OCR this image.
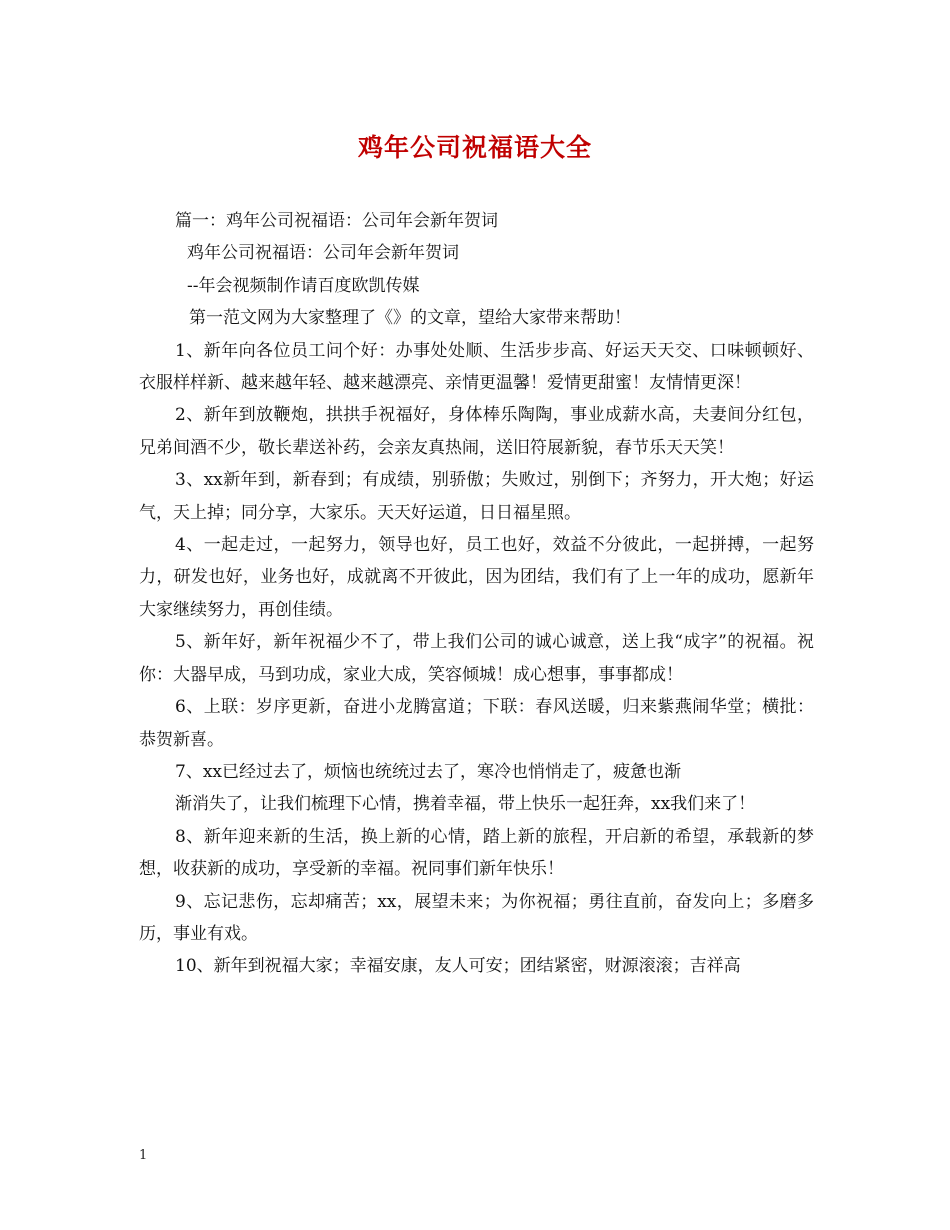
鸡年公司祝福语大全

篇一：鸡年公司祝福语：公司年会新年贺词

鸡年公司祝福语：公司年会新年贺词

--年会视频制作请百度欧凯传媒

第一范文网为大家整理了《》的文章，望给大家带来帮助！

1、新年向各位员工问个好：办事处处顺、生活步步高、好运天天交、口味顿顿好、衣服样样新、越来越年轻、越来越漂亮、亲情更温馨！爱情更甜蜜！友情情更深！

2、新年到放鞭炮，拱拱手祝福好，身体棒乐陶陶，事业成薪水高，夫妻间分红包，兄弟间酒不少，敬长辈送补药，会亲友真热闹，送旧符展新貌，春节乐天天笑！

3、xx新年到，新春到；有成绩，别骄傲；失败过，别倒下；齐努力，开大炮；好运气，天上掉；同分享，大家乐。天天好运道，日日福星照。

4、一起走过，一起努力，领导也好，员工也好，效益不分彼此，一起拼搏，一起努力，研发也好，业务也好，成就离不开彼此，因为团结，我们有了上一年的成功，愿新年大家继续努力，再创佳绩。

5、新年好，新年祝福少不了，带上我们公司的诚心诚意，送上我“成字”的祝福。祝你：大器早成，马到功成，家业大成，笑容倾城！成心想事，事事都成！

6、上联：岁序更新，奋进小龙腾富道；下联：春风送暖，归来紫燕闹华堂；横批：恭贺新喜。

7、xx已经过去了，烦恼也统统过去了，寒冷也悄悄走了，疲惫也渐

渐消失了，让我们梳理下心情，携着幸福，带上快乐一起狂奔，xx我们来了！

8、新年迎来新的生活，换上新的心情，踏上新的旅程，开启新的希望，承载新的梦想，收获新的成功，享受新的幸福。祝同事们新年快乐！

9、忘记悲伤，忘却痛苦；xx，展望未来；为你祝福；勇往直前，奋发向上；多磨多历，事业有戏。

10、新年到祝福大家；幸福安康，友人可安；团结紧密，财源滚滚；吉祥高

1
